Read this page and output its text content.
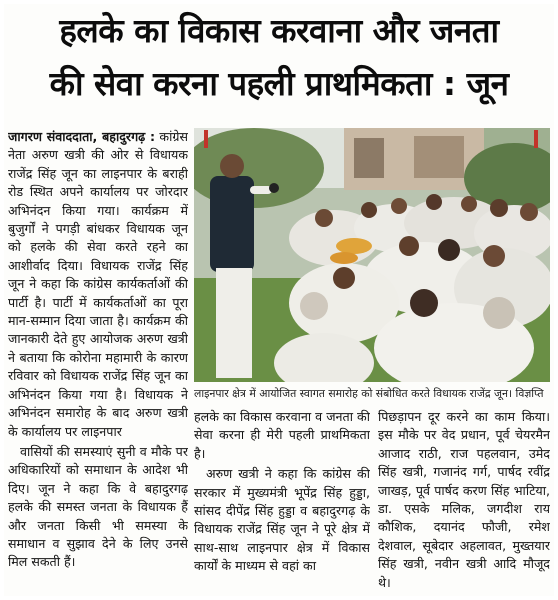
हलके का विकास करवाना और जनता
की सेवा करना पहली प्राथमिकता : जून

जागरण संवाददाता, बहादुरगढ़ : कांग्रेस नेता अरुण खत्री की ओर से विधायक राजेंद्र सिंह जून का लाइनपार के बराही रोड स्थित अपने कार्यालय पर जोरदार अभिनंदन किया गया। कार्यक्रम में बुजुर्गों ने पगड़ी बांधकर विधायक जून को हलके की सेवा करते रहने का आशीर्वाद दिया। विधायक राजेंद्र सिंह जून ने कहा कि कांग्रेस कार्यकर्ताओं की पार्टी है। पार्टी में कार्यकर्ताओं का पूरा मान-सम्मान दिया जाता है। कार्यक्रम की जानकारी देते हुए आयोजक अरुण खत्री ने बताया कि कोरोना महामारी के कारण रविवार को विधायक राजेंद्र सिंह जून का अभिनंदन किया गया है। विधायक ने अभिनंदन समारोह के बाद अरुण खत्री के कार्यालय पर लाइनपार

वासियों की समस्याएं सुनी व मौके पर अधिकारियों को समाधान के आदेश भी दिए। जून ने कहा कि वे बहादुरगढ़ हलके की समस्त जनता के विधायक हैं और जनता किसी भी समस्या के समाधान व सुझाव देने के लिए उनसे मिल सकती हैं।

लाइनपार क्षेत्र में आयोजित स्वागत समारोह को संबोधित करते विधायक राजेंद्र जून। विज्ञप्ति

हलके का विकास करवाना व जनता की सेवा करना ही मेरी पहली प्राथमिकता है।

अरुण खत्री ने कहा कि कांग्रेस की सरकार में मुख्यमंत्री भूपेंद्र सिंह हुड्डा, सांसद दीपेंद्र सिंह हुड्डा व बहादुरगढ़ के विधायक राजेंद्र सिंह जून ने पूरे क्षेत्र में साथ-साथ लाइनपार क्षेत्र में विकास कार्यों के माध्यम से वहां का

पिछड़ापन दूर करने का काम किया। इस मौके पर वेद प्रधान, पूर्व चेयरमैन आजाद राठी, राज पहलवान, उमेद सिंह खत्री, गजानंद गर्ग, पार्षद रवींद्र जाखड़, पूर्व पार्षद करण सिंह भाटिया, डा. एसके मलिक, जगदीश राय कौशिक, दयानंद फौजी, रमेश देशवाल, सूबेदार अहलावत, मुख्तयार सिंह खत्री, नवीन खत्री आदि मौजूद थे।
